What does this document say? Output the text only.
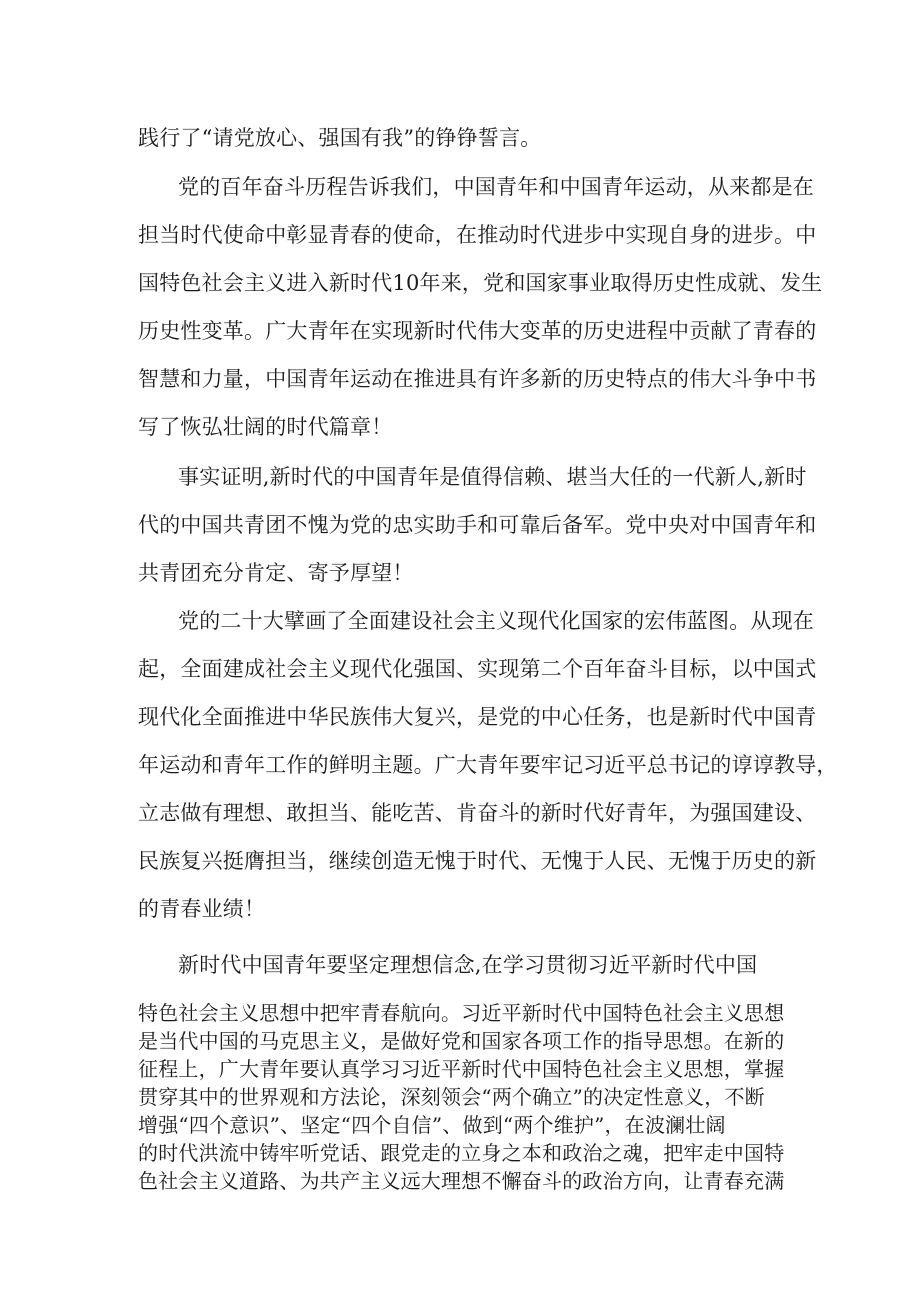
践行了“请党放心、强国有我”的铮铮誓言。
党的百年奋斗历程告诉我们，中国青年和中国青年运动，从来都是在
担当时代使命中彰显青春的使命，在推动时代进步中实现自身的进步。中
国特色社会主义进入新时代10年来，党和国家事业取得历史性成就、发生
历史性变革。广大青年在实现新时代伟大变革的历史进程中贡献了青春的
智慧和力量，中国青年运动在推进具有许多新的历史特点的伟大斗争中书
写了恢弘壮阔的时代篇章！
事实证明,新时代的中国青年是值得信赖、堪当大任的一代新人,新时
代的中国共青团不愧为党的忠实助手和可靠后备军。党中央对中国青年和
共青团充分肯定、寄予厚望！
党的二十大擘画了全面建设社会主义现代化国家的宏伟蓝图。从现在
起，全面建成社会主义现代化强国、实现第二个百年奋斗目标，以中国式
现代化全面推进中华民族伟大复兴，是党的中心任务，也是新时代中国青
年运动和青年工作的鲜明主题。广大青年要牢记习近平总书记的谆谆教导，
立志做有理想、敢担当、能吃苦、肯奋斗的新时代好青年，为强国建设、
民族复兴挺膺担当，继续创造无愧于时代、无愧于人民、无愧于历史的新
的青春业绩！
新时代中国青年要坚定理想信念,在学习贯彻习近平新时代中国
特色社会主义思想中把牢青春航向。习近平新时代中国特色社会主义思想
是当代中国的马克思主义，是做好党和国家各项工作的指导思想。在新的
征程上，广大青年要认真学习习近平新时代中国特色社会主义思想，掌握
贯穿其中的世界观和方法论，深刻领会“两个确立”的决定性意义，不断
增强“四个意识”、坚定“四个自信”、做到“两个维护”，在波澜壮阔
的时代洪流中铸牢听党话、跟党走的立身之本和政治之魂，把牢走中国特
色社会主义道路、为共产主义远大理想不懈奋斗的政治方向，让青春充满
